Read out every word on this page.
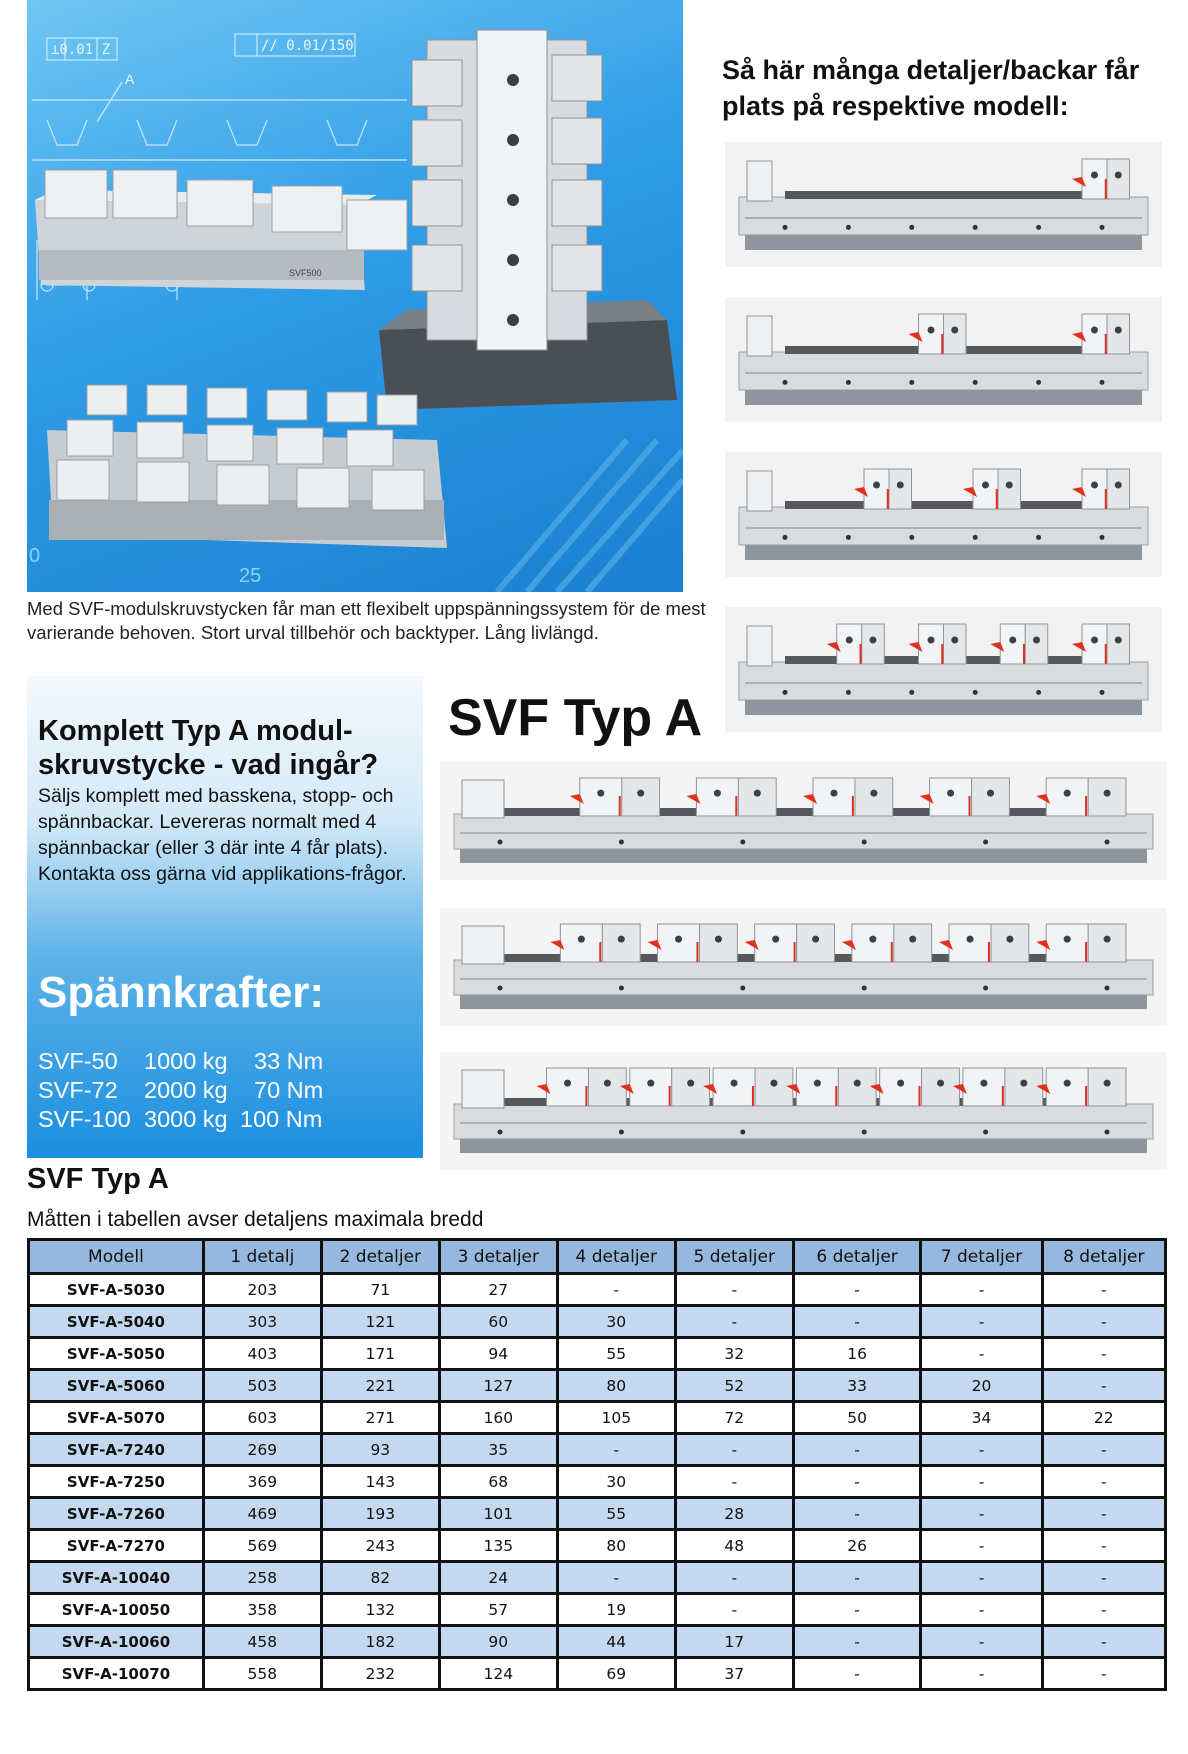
⊥0.01 Z	// 0.01/150
A
0
25
SVF500
Med SVF-modulskruvstycken får man ett flexibelt uppspänningssystem för de mest varierande behoven. Stort urval tillbehör och backtyper. Lång livlängd.
Så här många detaljer/backar får plats på respektive modell:
Komplett Typ A modul-skruvstycke - vad ingår?
Säljs komplett med basskena, stopp- och spännbackar. Levereras normalt med 4 spännbackar (eller 3 där inte 4 får plats).
Kontakta oss gärna vid applikations-frågor.
Spännkrafter:
SVF-50 1000 kg 33 Nm
SVF-72 2000 kg 70 Nm
SVF-100 3000 kg 100 Nm
SVF Typ A
SVF Typ A
Måtten i tabellen avser detaljens maximala bredd
Modell	1 detalj	2 detaljer	3 detaljer	4 detaljer	5 detaljer	6 detaljer	7 detaljer	8 detaljer
SVF-A-5030	203	71	27	-	-	-	-	-
SVF-A-5040	303	121	60	30	-	-	-	-
SVF-A-5050	403	171	94	55	32	16	-	-
SVF-A-5060	503	221	127	80	52	33	20	-
SVF-A-5070	603	271	160	105	72	50	34	22
SVF-A-7240	269	93	35	-	-	-	-	-
SVF-A-7250	369	143	68	30	-	-	-	-
SVF-A-7260	469	193	101	55	28	-	-	-
SVF-A-7270	569	243	135	80	48	26	-	-
SVF-A-10040	258	82	24	-	-	-	-	-
SVF-A-10050	358	132	57	19	-	-	-	-
SVF-A-10060	458	182	90	44	17	-	-	-
SVF-A-10070	558	232	124	69	37	-	-	-
